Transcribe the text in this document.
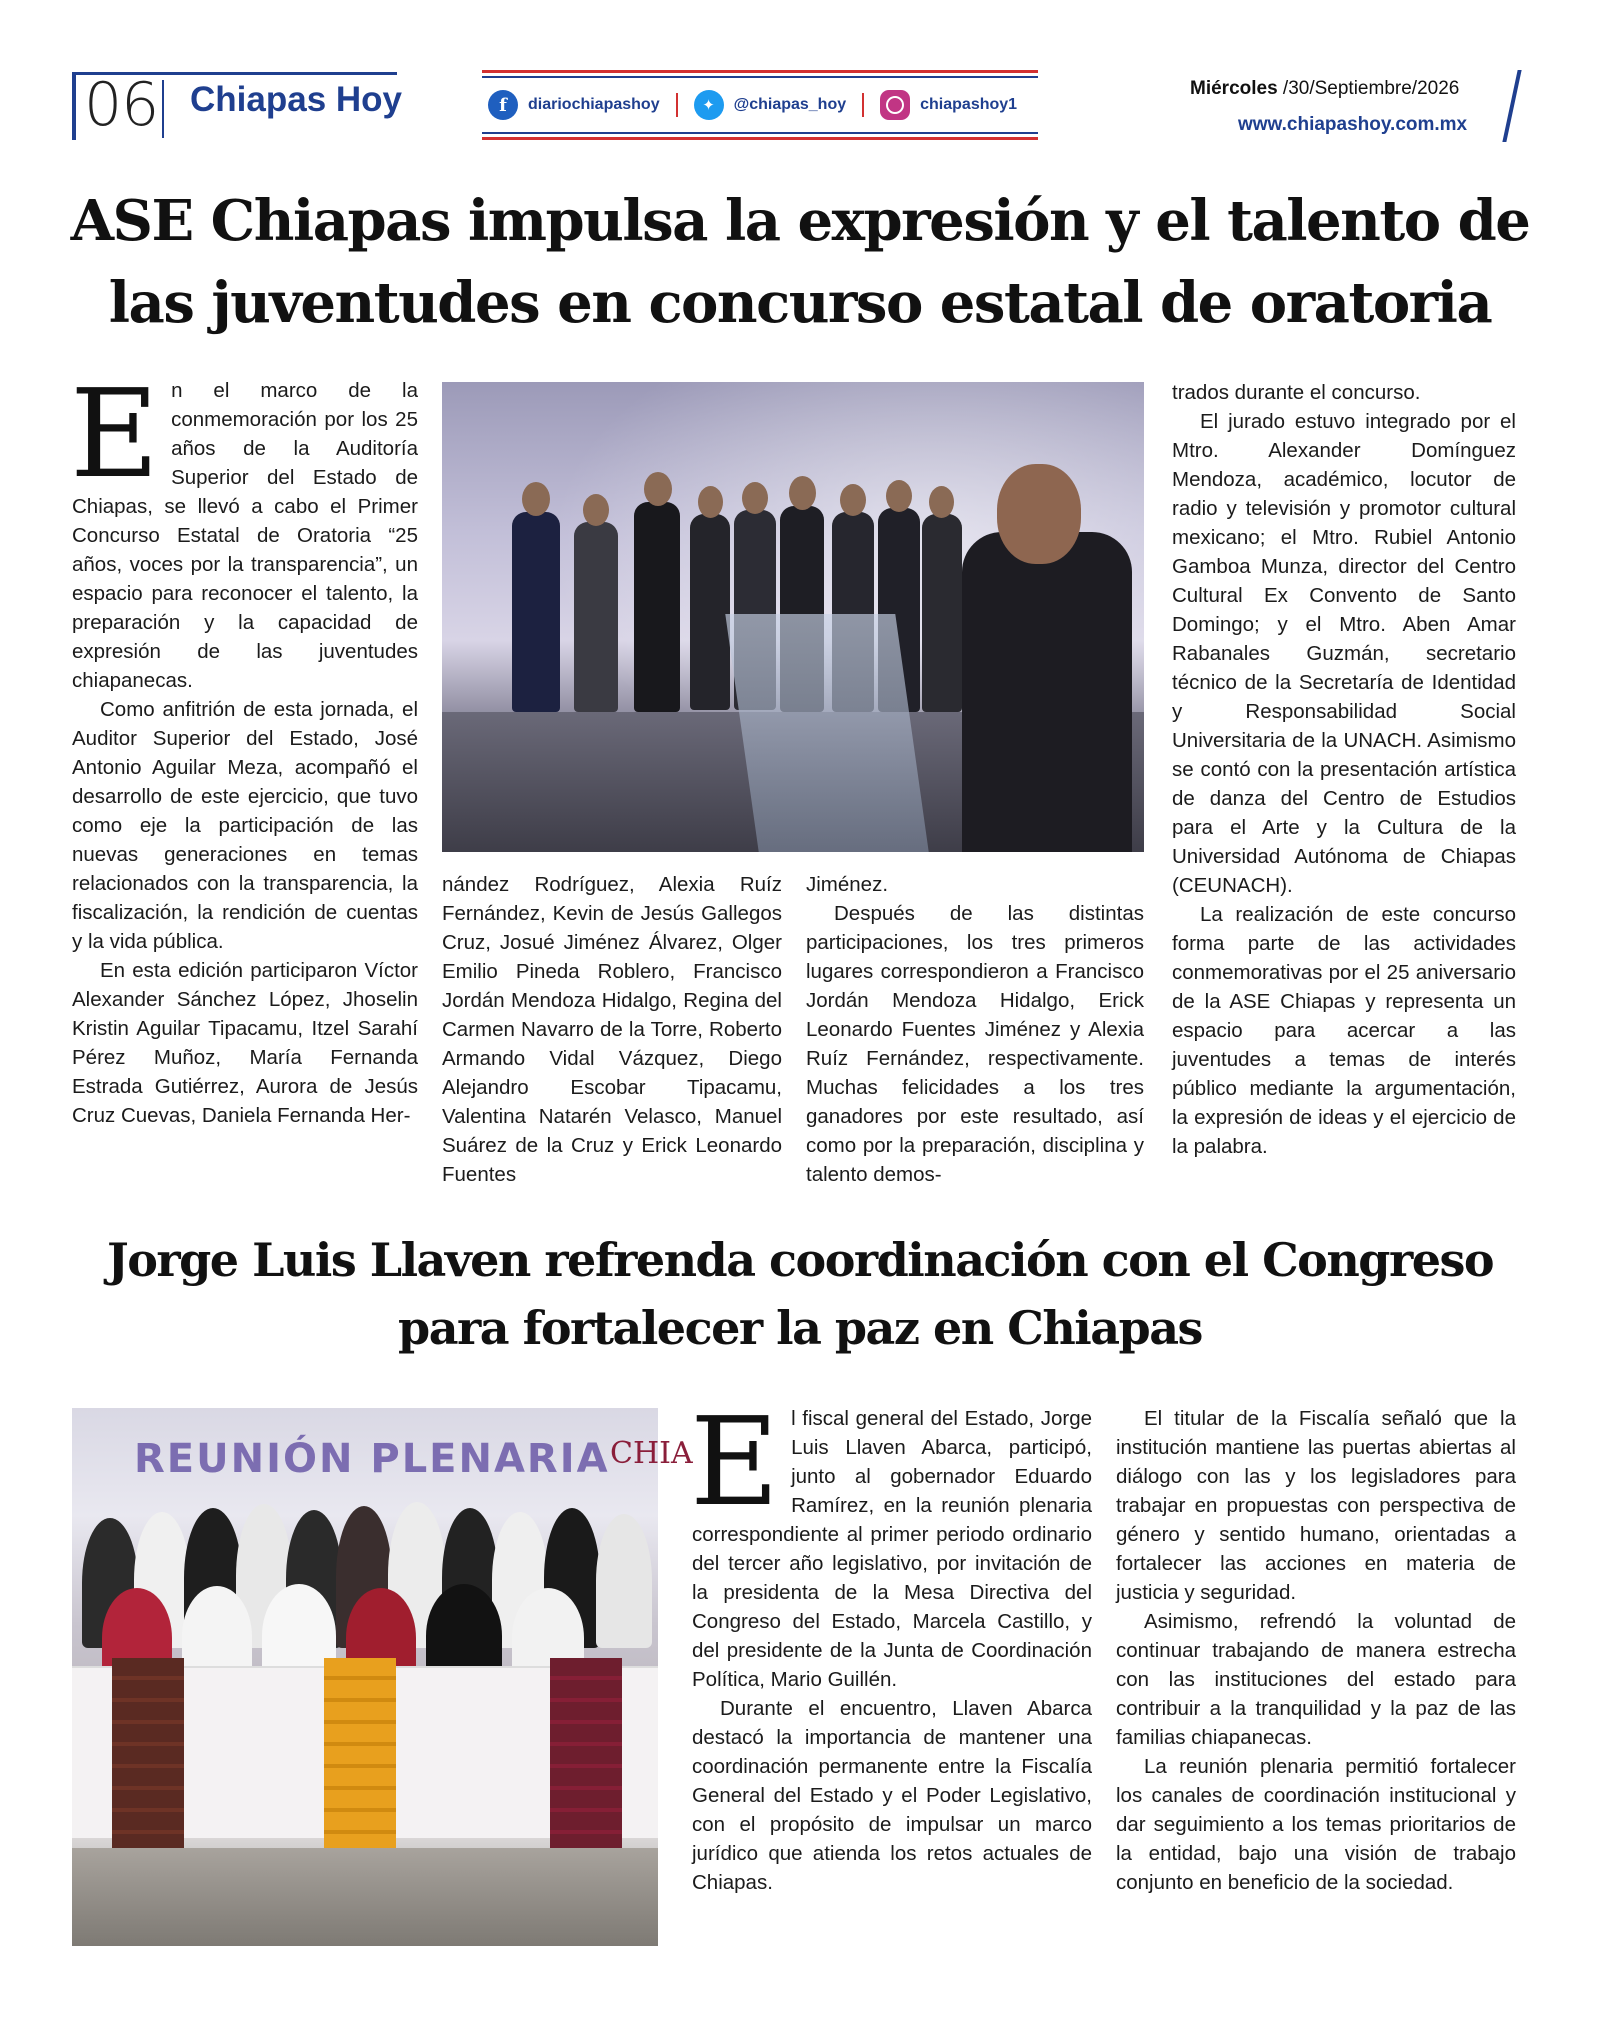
06 Chiapas Hoy	f	diariochiapashoy	✦	@chiapas_hoy	chiapashoy1
Miércoles /30/Septiembre/2026
www.chiapashoy.com.mx
ASE Chiapas impulsa la expresión y el talento de
las juventudes en concurso estatal de oratoria
E n el marco de la conmemoración por los 25 años de la Auditoría Superior del Estado de Chiapas, se llevó a cabo el Primer Concurso Estatal de Oratoria “25 años, voces por la transparencia”, un espacio para reconocer el talento, la preparación y la capacidad de expresión de las juventudes chiapanecas.

Como anfitrión de esta jornada, el Auditor Superior del Estado, José Antonio Aguilar Meza, acompañó el desarrollo de este ejercicio, que tuvo como eje la participación de las nuevas generaciones en temas relacionados con la transparencia, la fiscalización, la rendición de cuentas y la vida pública.

En esta edición participaron Víctor Alexander Sánchez López, Jhoselin Kristin Aguilar Tipacamu, Itzel Sarahí Pérez Muñoz, María Fernanda Estrada Gutiérrez, Aurora de Jesús Cruz Cuevas, Daniela Fernanda Her-

nández Rodríguez, Alexia Ruíz Fernández, Kevin de Jesús Gallegos Cruz, Josué Jiménez Álvarez, Olger Emilio Pineda Roblero, Francisco Jordán Mendoza Hidalgo, Regina del Carmen Navarro de la Torre, Roberto Armando Vidal Vázquez, Diego Alejandro Escobar Tipacamu, Valentina Natarén Velasco, Manuel Suárez de la Cruz y Erick Leonardo Fuentes

Jiménez.

Después de las distintas participaciones, los tres primeros lugares correspondieron a Francisco Jordán Mendoza Hidalgo, Erick Leonardo Fuentes Jiménez y Alexia Ruíz Fernández, respectivamente. Muchas felicidades a los tres ganadores por este resultado, así como por la preparación, disciplina y talento demos-

trados durante el concurso.

El jurado estuvo integrado por el Mtro. Alexander Domínguez Mendoza, académico, locutor de radio y televisión y promotor cultural mexicano; el Mtro. Rubiel Antonio Gamboa Munza, director del Centro Cultural Ex Convento de Santo Domingo; y el Mtro. Aben Amar Rabanales Guzmán, secretario técnico de la Secretaría de Identidad y Responsabilidad Social Universitaria de la UNACH. Asimismo se contó con la presentación artística de danza del Centro de Estudios para el Arte y la Cultura de la Universidad Autónoma de Chiapas (CEUNACH).

La realización de este concurso forma parte de las actividades conmemorativas por el 25 aniversario de la ASE Chiapas y representa un espacio para acercar a las juventudes a temas de interés público mediante la argumentación, la expresión de ideas y el ejercicio de la palabra.

Jorge Luis Llaven refrenda coordinación con el Congreso
para fortalecer la paz en Chiapas
REUNIÓN PLENARIA CHIA
E l fiscal general del Estado, Jorge Luis Llaven Abarca, participó, junto al gobernador Eduardo Ramírez, en la reunión plenaria correspondiente al primer periodo ordinario del tercer año legislativo, por invitación de la presidenta de la Mesa Directiva del Congreso del Estado, Marcela Castillo, y del presidente de la Junta de Coordinación Política, Mario Guillén.

Durante el encuentro, Llaven Abarca destacó la importancia de mantener una coordinación permanente entre la Fiscalía General del Estado y el Poder Legislativo, con el propósito de impulsar un marco jurídico que atienda los retos actuales de Chiapas.

El titular de la Fiscalía señaló que la institución mantiene las puertas abiertas al diálogo con las y los legisladores para trabajar en propuestas con perspectiva de género y sentido humano, orientadas a fortalecer las acciones en materia de justicia y seguridad.

Asimismo, refrendó la voluntad de continuar trabajando de manera estrecha con las instituciones del estado para contribuir a la tranquilidad y la paz de las familias chiapanecas.

La reunión plenaria permitió fortalecer los canales de coordinación institucional y dar seguimiento a los temas prioritarios de la entidad, bajo una visión de trabajo conjunto en beneficio de la sociedad.
